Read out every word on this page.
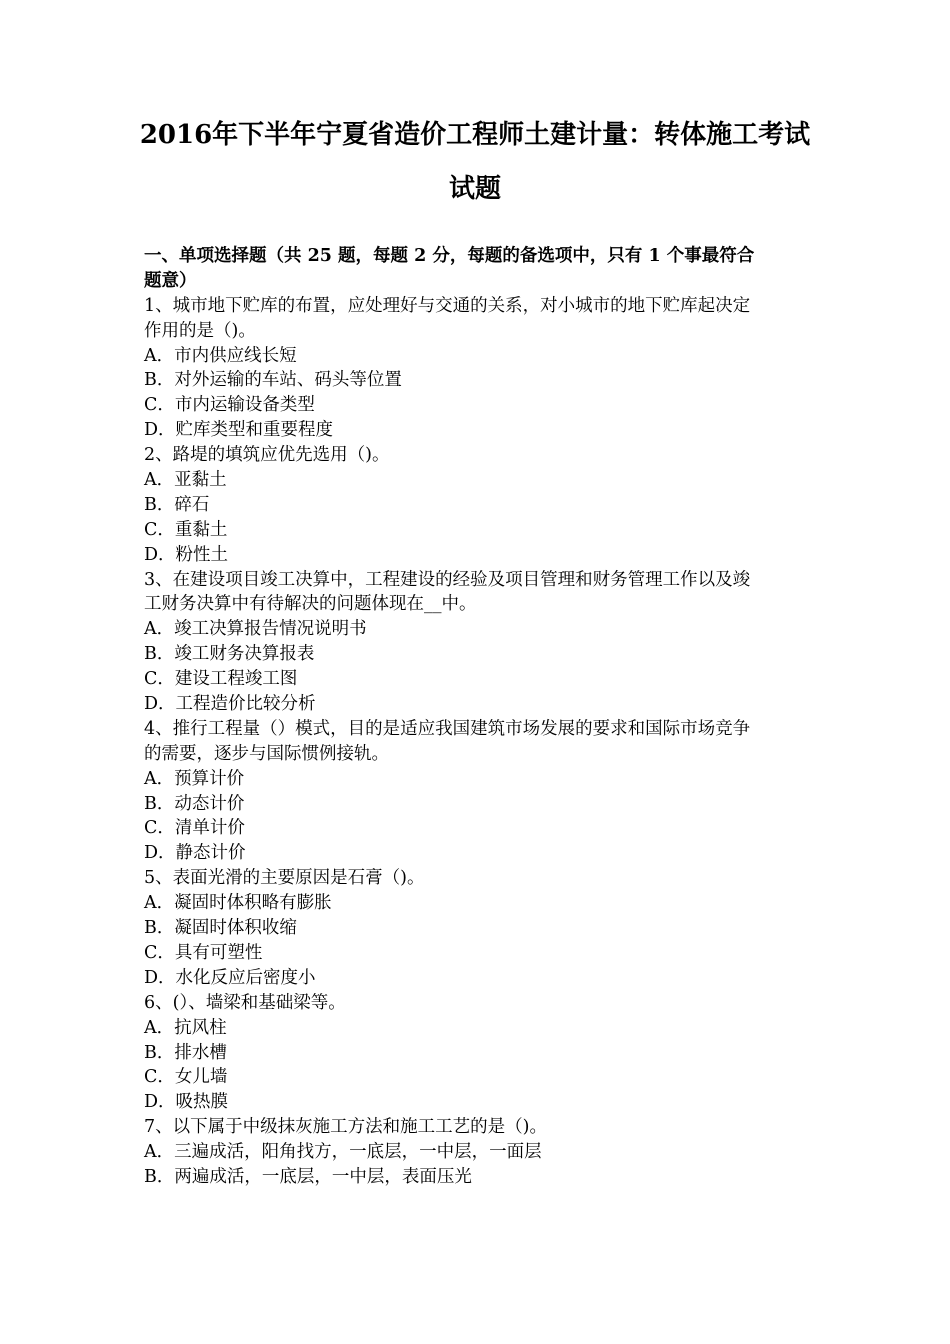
2016年下半年宁夏省造价工程师土建计量：转体施工考试
试题
一、单项选择题（共 25 题，每题 2 分，每题的备选项中，只有 1 个事最符合
题意）
1、城市地下贮库的布置，应处理好与交通的关系，对小城市的地下贮库起决定
作用的是（)。
A．市内供应线长短
B．对外运输的车站、码头等位置
C．市内运输设备类型
D．贮库类型和重要程度
2、路堤的填筑应优先选用（)。
A．亚黏土
B．碎石
C．重黏土
D．粉性土
3、在建设项目竣工决算中，工程建设的经验及项目管理和财务管理工作以及竣
工财务决算中有待解决的问题体现在__中。
A．竣工决算报告情况说明书
B．竣工财务决算报表
C．建设工程竣工图
D．工程造价比较分析
4、推行工程量（）模式，目的是适应我国建筑市场发展的要求和国际市场竞争
的需要，逐步与国际惯例接轨。
A．预算计价
B．动态计价
C．清单计价
D．静态计价
5、表面光滑的主要原因是石膏（)。
A．凝固时体积略有膨胀
B．凝固时体积收缩
C．具有可塑性
D．水化反应后密度小
6、(）、墙梁和基础梁等。
A．抗风柱
B．排水槽
C．女儿墙
D．吸热膜
7、以下属于中级抹灰施工方法和施工工艺的是（)。
A．三遍成活，阳角找方，一底层，一中层，一面层
B．两遍成活，一底层，一中层，表面压光
